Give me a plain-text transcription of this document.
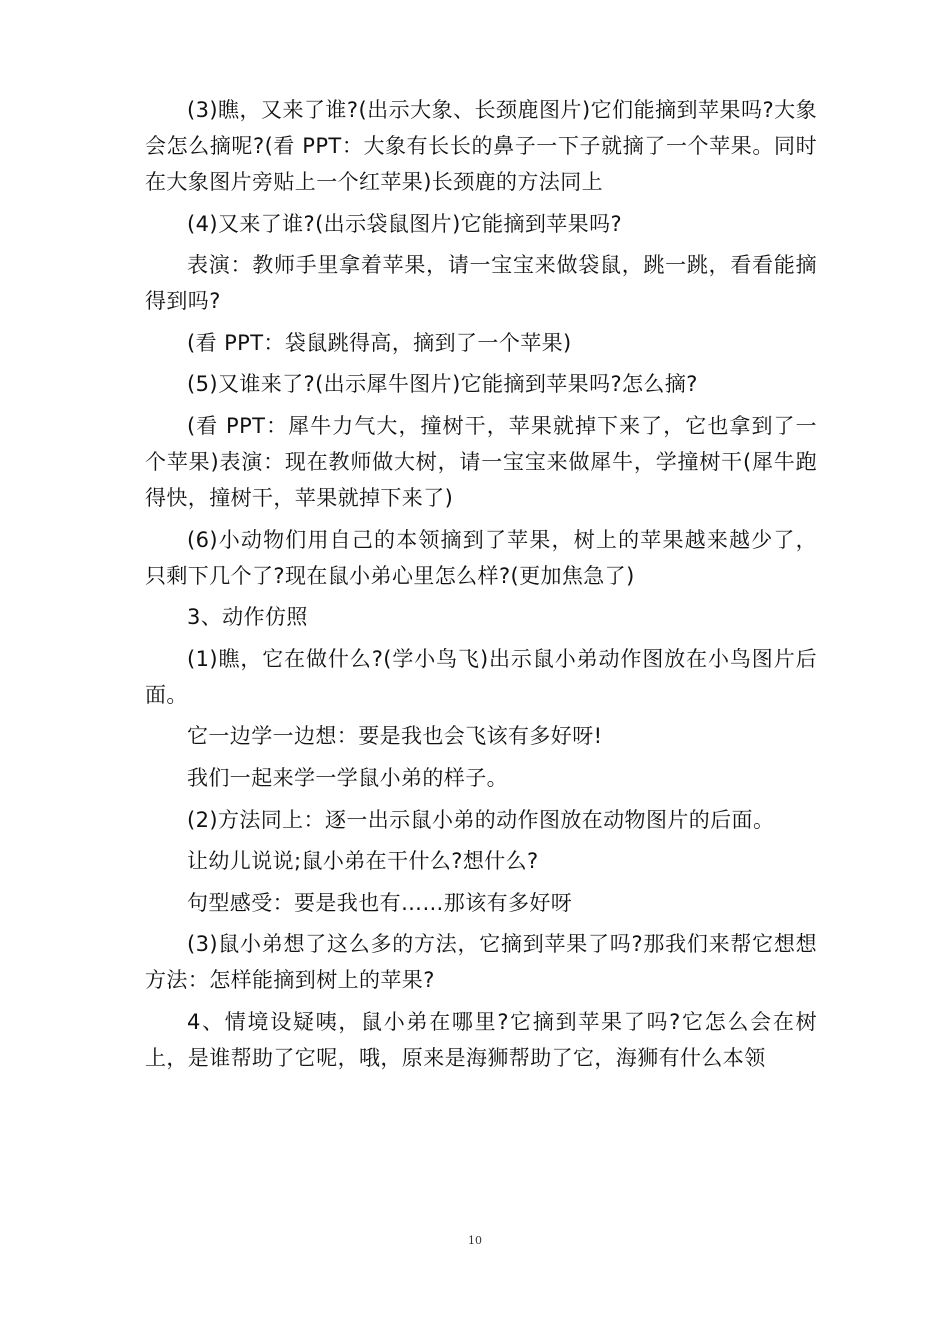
(3)瞧，又来了谁?(出示大象、长颈鹿图片)它们能摘到苹果吗?大象会怎么摘呢?(看 PPT：大象有长长的鼻子一下子就摘了一个苹果。同时在大象图片旁贴上一个红苹果)长颈鹿的方法同上

(4)又来了谁?(出示袋鼠图片)它能摘到苹果吗?

表演：教师手里拿着苹果，请一宝宝来做袋鼠，跳一跳，看看能摘得到吗?

(看 PPT：袋鼠跳得高，摘到了一个苹果)

(5)又谁来了?(出示犀牛图片)它能摘到苹果吗?怎么摘?

(看 PPT：犀牛力气大，撞树干，苹果就掉下来了，它也拿到了一个苹果)表演：现在教师做大树，请一宝宝来做犀牛，学撞树干(犀牛跑得快，撞树干，苹果就掉下来了)

(6)小动物们用自己的本领摘到了苹果，树上的苹果越来越少了，只剩下几个了?现在鼠小弟心里怎么样?(更加焦急了)

3、动作仿照

(1)瞧，它在做什么?(学小鸟飞)出示鼠小弟动作图放在小鸟图片后面。

它一边学一边想：要是我也会飞该有多好呀!

我们一起来学一学鼠小弟的样子。

(2)方法同上：逐一出示鼠小弟的动作图放在动物图片的后面。

让幼儿说说;鼠小弟在干什么?想什么?

句型感受：要是我也有……那该有多好呀

(3)鼠小弟想了这么多的方法，它摘到苹果了吗?那我们来帮它想想方法：怎样能摘到树上的苹果?

4、情境设疑咦，鼠小弟在哪里?它摘到苹果了吗?它怎么会在树上，是谁帮助了它呢，哦，原来是海狮帮助了它，海狮有什么本领

10
